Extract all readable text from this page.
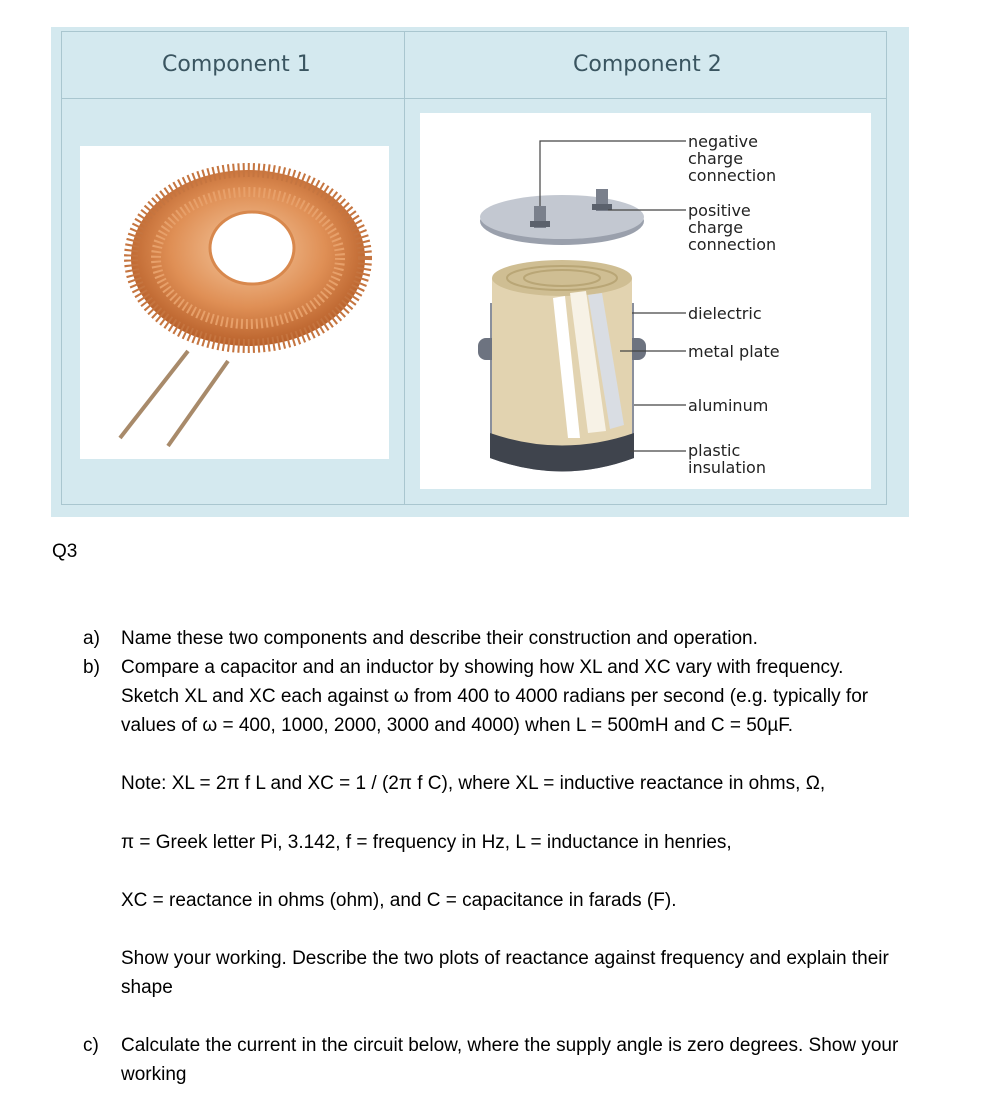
Component 1	Component 2
negative
charge
connection
positive
charge
connection
dielectric
metal plate
aluminum
plastic
insulation
Q3
a) Name these two components and describe their construction and operation.
b) Compare a capacitor and an inductor by showing how XL and XC vary with frequency.
Sketch XL and XC each against ω from 400 to 4000 radians per second (e.g. typically for
values of ω = 400, 1000, 2000, 3000 and 4000) when L = 500mH and C = 50µF.
Note: XL = 2π f L and XC = 1 / (2π f C), where XL = inductive reactance in ohms, Ω,
π = Greek letter Pi, 3.142, f = frequency in Hz, L = inductance in henries,
XC = reactance in ohms (ohm), and C = capacitance in farads (F).
Show your working. Describe the two plots of reactance against frequency and explain their
shape
c) Calculate the current in the circuit below, where the supply angle is zero degrees. Show your
working
